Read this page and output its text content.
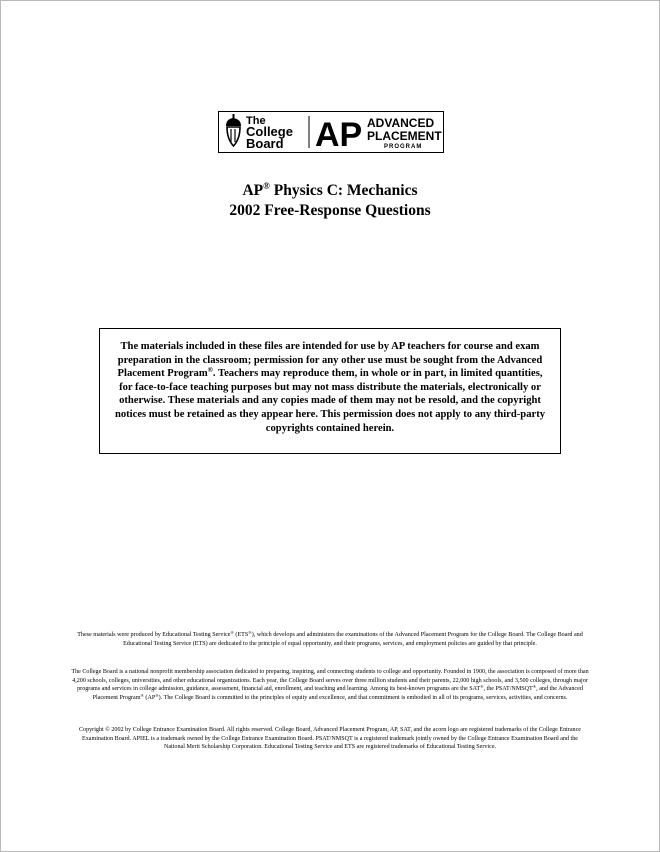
The
College
Board AP ADVANCED
PLACEMENT
PROGRAM
AP® Physics C: Mechanics
2002 Free-Response Questions
The materials included in these files are intended for use by AP teachers for course and exam preparation in the classroom; permission for any other use must be sought from the Advanced Placement Program®. Teachers may reproduce them, in whole or in part, in limited quantities, for face-to-face teaching purposes but may not mass distribute the materials, electronically or otherwise. These materials and any copies made of them may not be resold, and the copyright notices must be retained as they appear here. This permission does not apply to any third-party copyrights contained herein.
These materials were produced by Educational Testing Service® (ETS®), which develops and administers the examinations of the Advanced Placement Program for the College Board. The College Board and Educational Testing Service (ETS) are dedicated to the principle of equal opportunity, and their programs, services, and employment policies are guided by that principle.
The College Board is a national nonprofit membership association dedicated to preparing, inspiring, and connecting students to college and opportunity. Founded in 1900, the association is composed of more than 4,200 schools, colleges, universities, and other educational organizations. Each year, the College Board serves over three million students and their parents, 22,000 high schools, and 3,500 colleges, through major programs and services in college admission, guidance, assessment, financial aid, enrollment, and teaching and learning. Among its best-known programs are the SAT®, the PSAT/NMSQT®, and the Advanced Placement Program® (AP®). The College Board is committed to the principles of equity and excellence, and that commitment is embodied in all of its programs, services, activities, and concerns.
Copyright © 2002 by College Entrance Examination Board. All rights reserved. College Board, Advanced Placement Program, AP, SAT, and the acorn logo are registered trademarks of the College Entrance Examination Board. APIEL is a trademark owned by the College Entrance Examination Board. PSAT/NMSQT is a registered trademark jointly owned by the College Entrance Examination Board and the National Merit Scholarship Corporation. Educational Testing Service and ETS are registered trademarks of Educational Testing Service.
